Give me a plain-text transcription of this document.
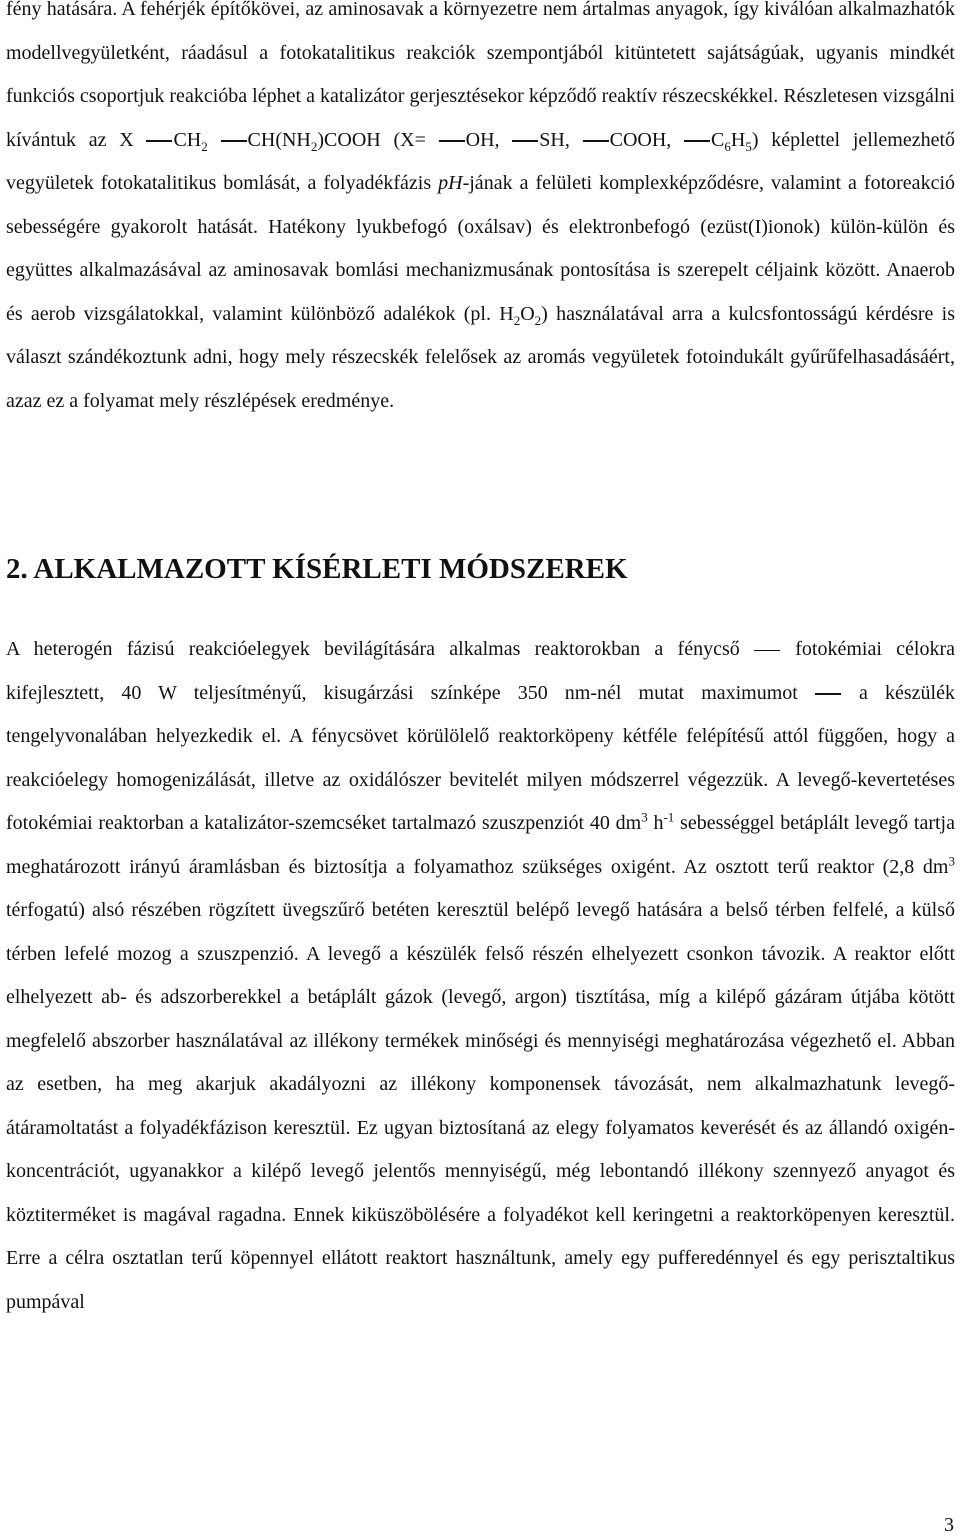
fény hatására. A fehérjék építőkövei, az aminosavak a környezetre nem ártalmas anyagok, így kiválóan alkalmazhatók modellvegyületként, ráadásul a fotokatalitikus reakciók szempontjából kitüntetett sajátságúak, ugyanis mindkét funkciós csoportjuk reakcióba léphet a katalizátor gerjesztésekor képződő reaktív részecskékkel. Részletesen vizsgálni kívántuk az X $CH_2$ $CH(NH_2)COOH$ (X= OH, SH, COOH, $C_6H_5$) képlettel jellemezhető vegyületek fotokatalitikus bomlását, a folyadékfázis pH-jának a felületi komplexképződésre, valamint a fotoreakció sebességére gyakorolt hatását. Hatékony lyukbefogó (oxálsav) és elektronbefogó (ezüst(I)ionok) külön-külön és együttes alkalmazásával az aminosavak bomlási mechanizmusának pontosítása is szerepelt céljaink között. Anaerob és aerob vizsgálatokkal, valamint különböző adalékok (pl. $H_2O_2$) használatával arra a kulcsfontosságú kérdésre is választ szándékoztunk adni, hogy mely részecskék felelősek az aromás vegyületek fotoindukált gyűrűfelhasadásáért, azaz ez a folyamat mely részlépések eredménye.

2. ALKALMAZOTT KÍSÉRLETI MÓDSZEREK

A heterogén fázisú reakcióelegyek bevilágítására alkalmas reaktorokban a fénycső  fotokémiai célokra kifejlesztett, 40 W teljesítményű, kisugárzási színképe 350 nm-nél mutat maximumot  a készülék tengelyvonalában helyezkedik el. A fénycsövet körülölelő reaktorköpeny kétféle felépítésű attól függően, hogy a reakcióelegy homogenizálását, illetve az oxidálószer bevitelét milyen módszerrel végezzük. A levegő-kevertetéses fotokémiai reaktorban a katalizátor-szemcséket tartalmazó szuszpenziót 40 $dm^3$ $h^{-1}$ sebességgel betáplált levegő tartja meghatározott irányú áramlásban és biztosítja a folyamathoz szükséges oxigént. Az osztott terű reaktor (2,8 $dm^3$ térfogatú) alsó részében rögzített üvegszűrő betéten keresztül belépő levegő hatására a belső térben felfelé, a külső térben lefelé mozog a szuszpenzió. A levegő a készülék felső részén elhelyezett csonkon távozik. A reaktor előtt elhelyezett ab- és adszorberekkel a betáplált gázok (levegő, argon) tisztítása, míg a kilépő gázáram útjába kötött megfelelő abszorber használatával az illékony termékek minőségi és mennyiségi meghatározása végezhető el. Abban az esetben, ha meg akarjuk akadályozni az illékony komponensek távozását, nem alkalmazhatunk levegő-átáramoltatást a folyadékfázison keresztül. Ez ugyan biztosítaná az elegy folyamatos keverését és az állandó oxigén-koncentrációt, ugyanakkor a kilépő levegő jelentős mennyiségű, még lebontandó illékony szennyező anyagot és köztiterméket is magával ragadna. Ennek kiküszöbölésére a folyadékot kell keringetni a reaktorköpenyen keresztül. Erre a célra osztatlan terű köpennyel ellátott reaktort használtunk, amely egy pufferedénnyel és egy perisztaltikus pumpával

3
